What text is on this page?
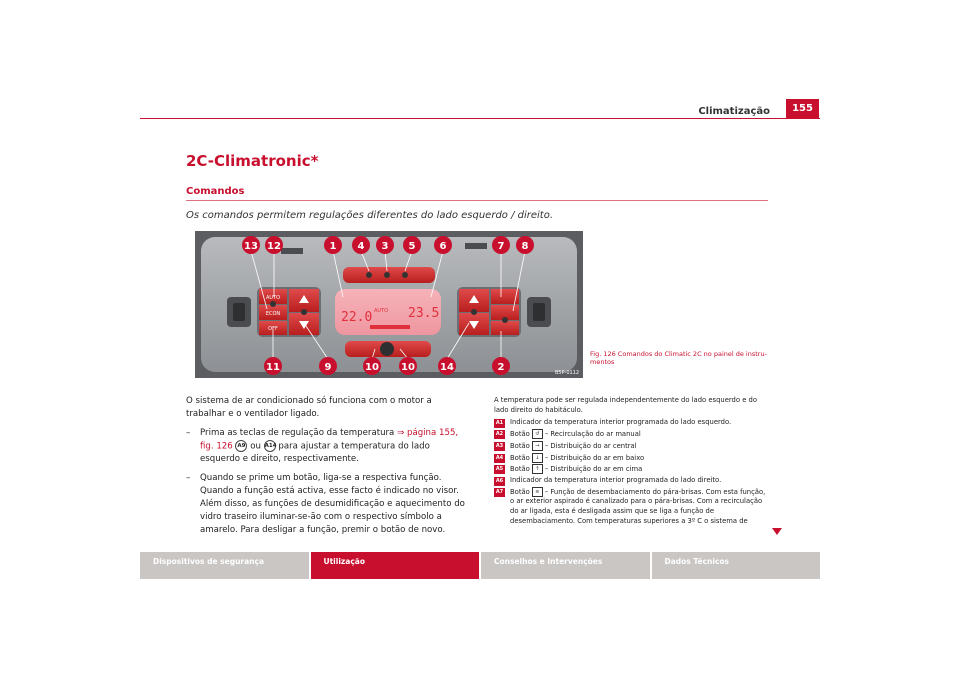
Climatização	155
2C-Climatronic*
Comandos
Os comandos permitem regulações diferentes do lado esquerdo / direito.
AUTO
ECON
OFF
22.0	23.5
AUTO
13 12	1 4 3 5 6	7 8
11	9	10 10	14	2	B5P-0112
Fig. 126 Comandos do Climatic 2C no painel de instru- mentos

O sistema de ar condicionado só funciona com o motor a trabalhar e o ventilador ligado.

–	Prima as teclas de regulação da temperatura ⇒ página 155, fig. 126 A9 ou A14 para ajustar a temperatura do lado esquerdo e direito, respectivamente.
–	Quando se prime um botão, liga-se a respectiva função. Quando a função está activa, esse facto é indicado no visor. Além disso, as funções de desumidificação e aquecimento do vidro traseiro iluminar-se-ão com o respectivo símbolo a amarelo. Para desligar a função, premir o botão de novo.

A temperatura pode ser regulada independentemente do lado esquerdo e do lado direito do habitáculo.

A1 Indicador da temperatura interior programada do lado esquerdo.
A2 Botão ↺ – Recirculação do ar manual
A3 Botão → – Distribuição do ar central
A4 Botão ↓ – Distribuição do ar em baixo
A5 Botão ↑ – Distribuição do ar em cima
A6 Indicador da temperatura interior programada do lado direito.
A7 Botão ≋ – Função de desembaciamento do pára-brisas. Com esta função, o ar exterior aspirado é canalizado para o pára-brisas. Com a recirculação do ar ligada, esta é desligada assim que se liga a função de desembaciamento. Com temperaturas superiores a 3º C o sistema de
Dispositivos de segurança	Utilização	Conselhos e Intervenções	Dados Técnicos
